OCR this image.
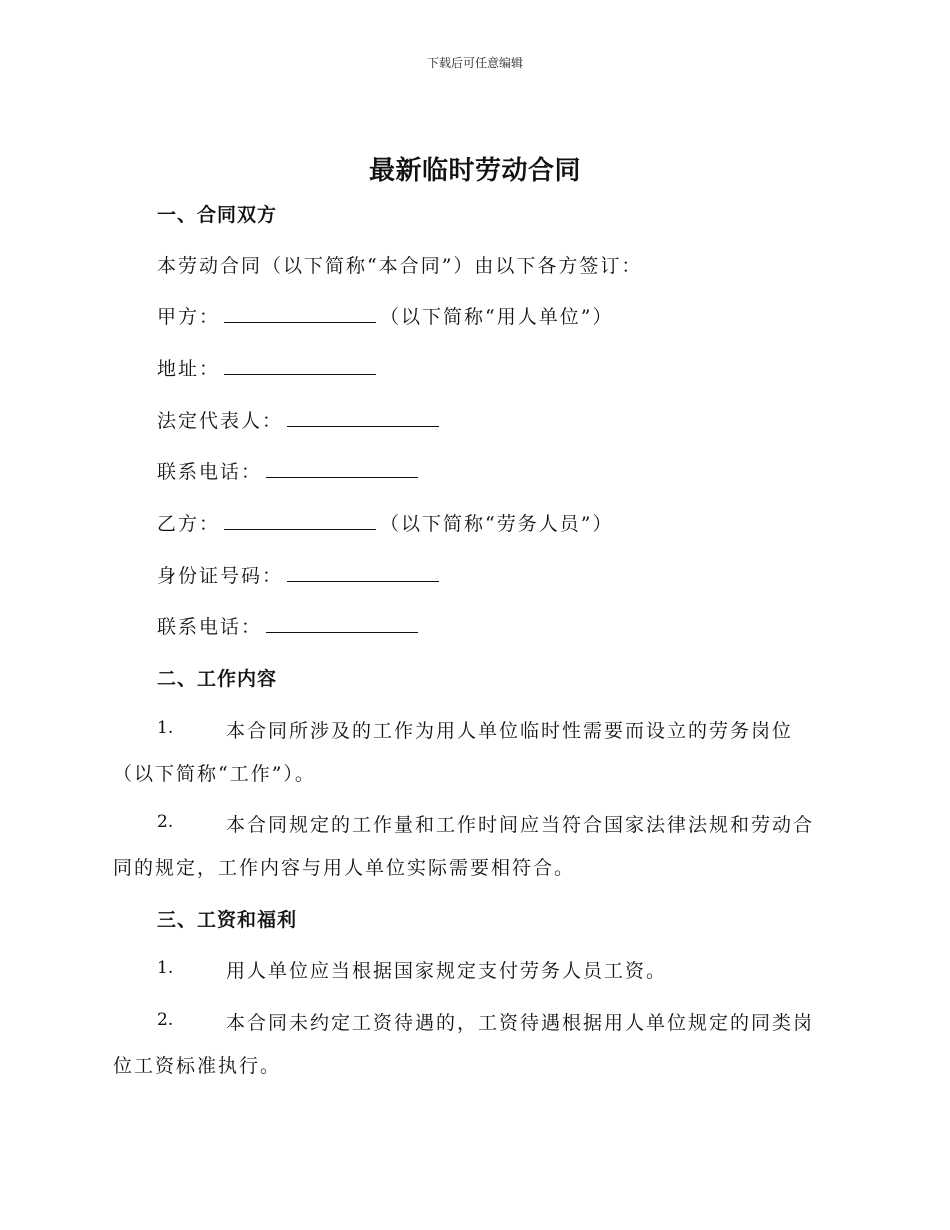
下载后可任意编辑
最新临时劳动合同
一、合同双方
本劳动合同（以下简称“本合同”）由以下各方签订：
甲方：	（以下简称“用人单位”）
地址：
法定代表人：
联系电话：
乙方：	（以下简称“劳务人员”）
身份证号码：
联系电话：
二、工作内容
1.	本合同所涉及的工作为用人单位临时性需要而设立的劳务岗位
（以下简称“工作”）。
2.	本合同规定的工作量和工作时间应当符合国家法律法规和劳动合
同的规定，工作内容与用人单位实际需要相符合。
三、工资和福利
1.	用人单位应当根据国家规定支付劳务人员工资。
2.	本合同未约定工资待遇的，工资待遇根据用人单位规定的同类岗
位工资标准执行。
